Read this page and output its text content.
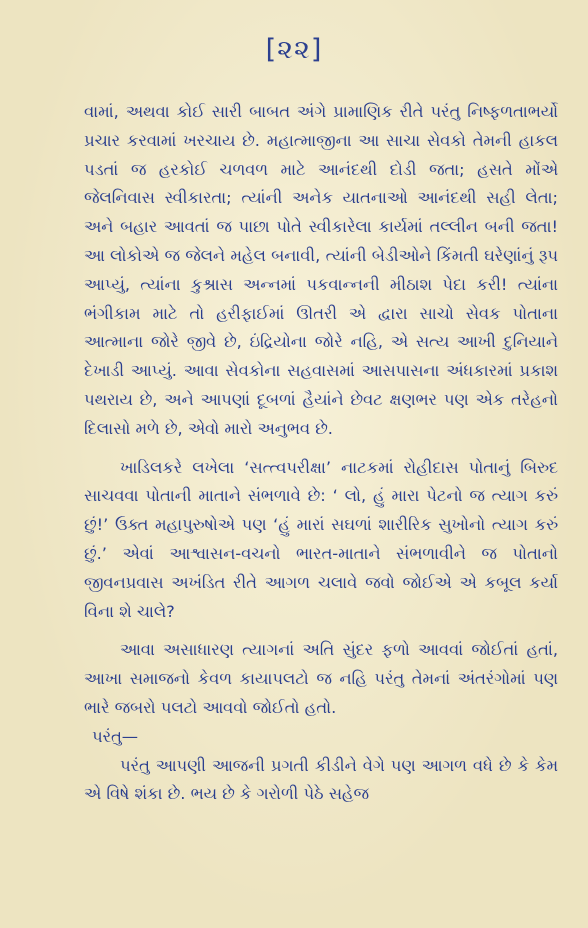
[૨૨]

વામાં, અથવા કોઈ સારી બાબત અંગે પ્રામાણિક રીતે પરંતુ નિષ્ફળતાભર્યો પ્રચાર કરવામાં ખરચાય છે. મહાત્માજીના આ સાચા સેવકો તેમની હાકલ પડતાં જ હરકોઈ ચળવળ માટે આનંદથી દોડી જતા; હસતે મોંએ જેલનિવાસ સ્વીકારતા; ત્યાંની અનેક યાતનાઓ આનંદથી સહી લેતા; અને બહાર આવતાં જ પાછા પોતે સ્વીકારેલા કાર્યમાં તલ્લીન બની જતા! આ લોકોએ જ જેલને મહેલ બનાવી, ત્યાંની બેડીઓને કિંમતી ઘરેણાંનું રૂપ આપ્યું, ત્યાંના કુશ્રાસ અન્નમાં પકવાન્નની મીઠાશ પેદા કરી! ત્યાંના ભંગીકામ માટે તો હરીફાઈમાં ઊતરી એ દ્વારા સાચો સેવક પોતાના આત્માના જોરે જીવે છે, ઇંદ્રિયોના જોરે નહિ, એ સત્ય આખી દુનિયાને દેખાડી આપ્યું. આવા સેવકોના સહવાસમાં આસપાસના અંધકારમાં પ્રકાશ પથરાય છે, અને આપણાં દૂબળાં હૈયાંને છેવટ ક્ષણભર પણ એક તરેહનો દિલાસો મળે છે, એવો મારો અનુભવ છે.

ખાડિલકરે લખેલા ‘સત્ત્વપરીક્ષા’ નાટકમાં રોહીદાસ પોતાનું બિરુદ સાચવવા પોતાની માતાને સંભળાવે છે: ‘ લો, હું મારા પેટનો જ ત્યાગ કરું છું!’ ઉક્ત મહાપુરુષોએ પણ ‘હું મારાં સઘળાં શારીરિક સુખોનો ત્યાગ કરું છું.’ એવાં આશ્વાસન-વચનો ભારત-માતાને સંભળાવીને જ પોતાનો જીવનપ્રવાસ અખંડિત રીતે આગળ ચલાવે જવો જોઈએ એ કબૂલ કર્યા વિના શે ચાલે?

આવા અસાધારણ ત્યાગનાં અતિ સુંદર ફળો આવવાં જોઈતાં હતાં, આખા સમાજનો કેવળ કાયાપલટો જ નહિ પરંતુ તેમનાં અંતરંગોમાં પણ ભારે જબરો પલટો આવવો જોઈતો હતો.

પરંતુ—

પરંતુ આપણી આજની પ્રગતી કીડીને વેગે પણ આગળ વધે છે કે કેમ એ વિષે શંકા છે. ભય છે કે ગરોળી પેઠે સહેજ
